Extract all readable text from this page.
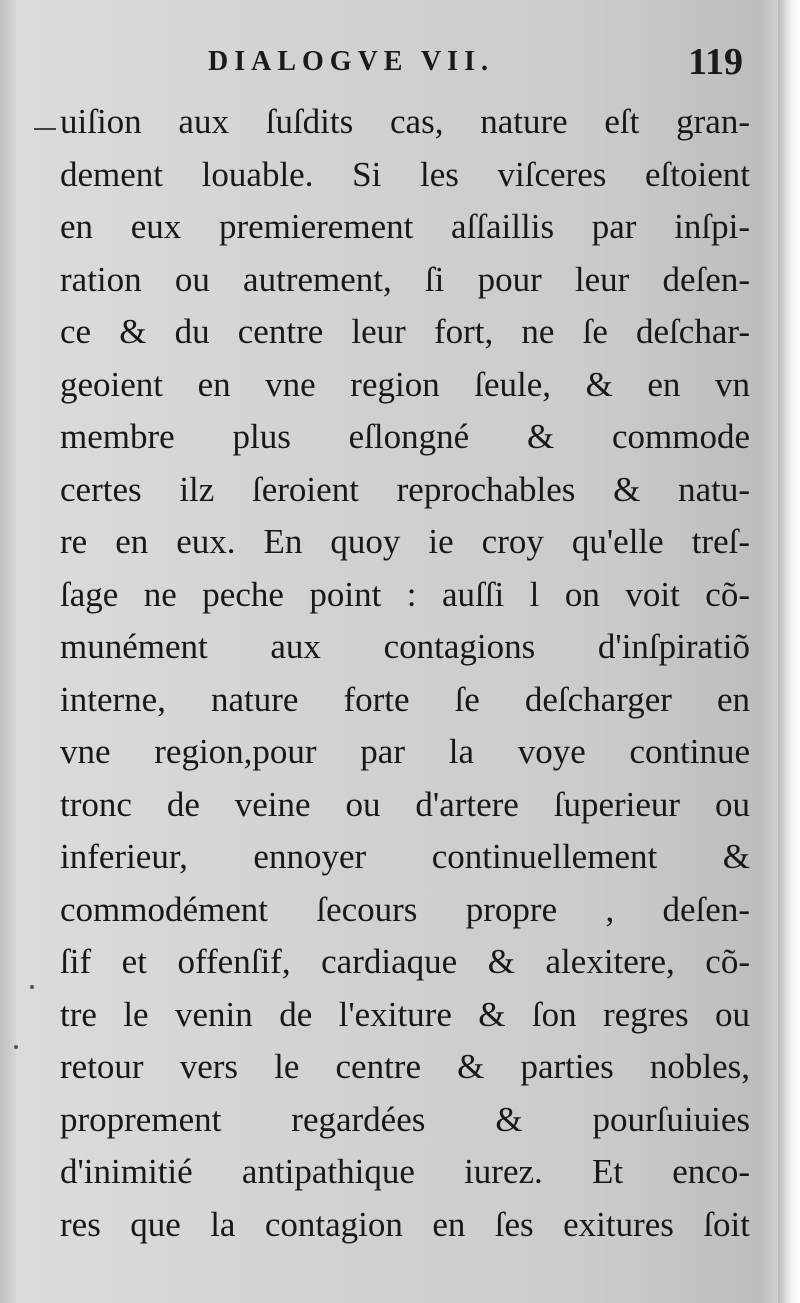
DIALOGVE VII.	119
uiſion aux ſuſdits cas, nature eſt gran-
dement louable. Si les viſceres eſtoient
en eux premierement aſſaillis par inſpi-
ration ou autrement, ſi pour leur deſen-
ce & du centre leur fort, ne ſe deſchar-
geoient en vne region ſeule, & en vn
membre plus eſlongné & commode
certes ilz ſeroient reprochables & natu-
re en eux. En quoy ie croy qu'elle treſ-
ſage ne peche point : auſſi l on voit cõ-
munément aux contagions d'inſpiratiõ
interne, nature forte ſe deſcharger en
vne region,pour par la voye continue
tronc de veine ou d'artere ſuperieur ou
inferieur, ennoyer continuellement &
commodément ſecours propre , deſen-
ſif et offenſif, cardiaque & alexitere, cõ-
tre le venin de l'exiture & ſon regres ou
retour vers le centre & parties nobles,
proprement regardées & pourſuiuies
d'inimitié antipathique iurez. Et enco-
res que la contagion en ſes exitures ſoit
